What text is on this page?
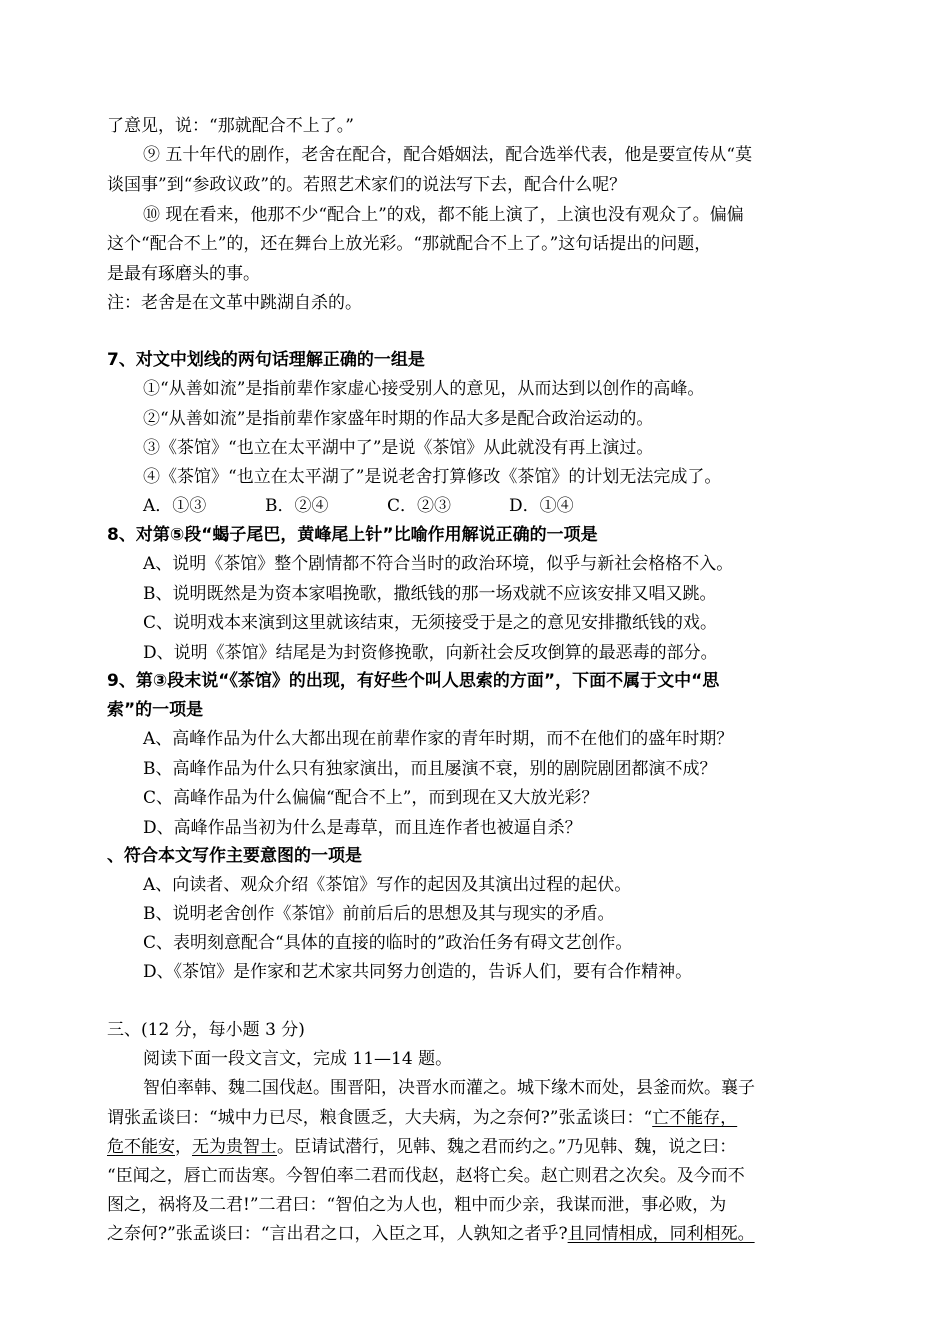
了意见，说：“那就配合不上了。”
⑨ 五十年代的剧作，老舍在配合，配合婚姻法，配合选举代表，他是要宣传从“莫
谈国事”到“参政议政”的。若照艺术家们的说法写下去，配合什么呢？
⑩ 现在看来，他那不少“配合上”的戏，都不能上演了，上演也没有观众了。偏偏
这个“配合不上”的，还在舞台上放光彩。“那就配合不上了。”这句话提出的问题，
是最有琢磨头的事。
注：老舍是在文革中跳湖自杀的。
7、对文中划线的两句话理解正确的一组是
①“从善如流”是指前辈作家虚心接受别人的意见，从而达到以创作的高峰。
②“从善如流”是指前辈作家盛年时期的作品大多是配合政治运动的。
③《茶馆》“也立在太平湖中了”是说《茶馆》从此就没有再上演过。
④《茶馆》“也立在太平湖了”是说老舍打算修改《茶馆》的计划无法完成了。
A．①③	B．②④	C．②③	D．①④
8、对第⑤段“蝎子尾巴，黄峰尾上针”比喻作用解说正确的一项是
A、说明《茶馆》整个剧情都不符合当时的政治环境，似乎与新社会格格不入。
B、说明既然是为资本家唱挽歌，撒纸钱的那一场戏就不应该安排又唱又跳。
C、说明戏本来演到这里就该结束，无须接受于是之的意见安排撒纸钱的戏。
D、说明《茶馆》结尾是为封资修挽歌，向新社会反攻倒算的最恶毒的部分。
9、第③段末说“《茶馆》的出现，有好些个叫人思索的方面”，下面不属于文中“思
索”的一项是
A、高峰作品为什么大都出现在前辈作家的青年时期，而不在他们的盛年时期？
B、高峰作品为什么只有独家演出，而且屡演不衰，别的剧院剧团都演不成？
C、高峰作品为什么偏偏“配合不上”，而到现在又大放光彩？
D、高峰作品当初为什么是毒草，而且连作者也被逼自杀？
、符合本文写作主要意图的一项是
A、向读者、观众介绍《茶馆》写作的起因及其演出过程的起伏。
B、说明老舍创作《茶馆》前前后后的思想及其与现实的矛盾。
C、表明刻意配合“具体的直接的临时的”政治任务有碍文艺创作。
D、《茶馆》是作家和艺术家共同努力创造的，告诉人们，要有合作精神。
三、(12 分，每小题 3 分)
阅读下面一段文言文，完成 11—14 题。
智伯率韩、魏二国伐赵。围晋阳，决晋水而灌之。城下缘木而处，县釜而炊。襄子
谓张孟谈曰：“城中力已尽，粮食匮乏，大夫病，为之奈何?”张孟谈曰：“亡不能存，
危不能安，无为贵智士。臣请试潜行，见韩、魏之君而约之。”乃见韩、魏，说之曰：
“臣闻之，唇亡而齿寒。今智伯率二君而伐赵，赵将亡矣。赵亡则君之次矣。及今而不
图之，祸将及二君!”二君曰：“智伯之为人也，粗中而少亲，我谋而泄，事必败，为
之奈何?”张孟谈曰：“言出君之口，入臣之耳，人孰知之者乎?且同情相成，同利相死。
